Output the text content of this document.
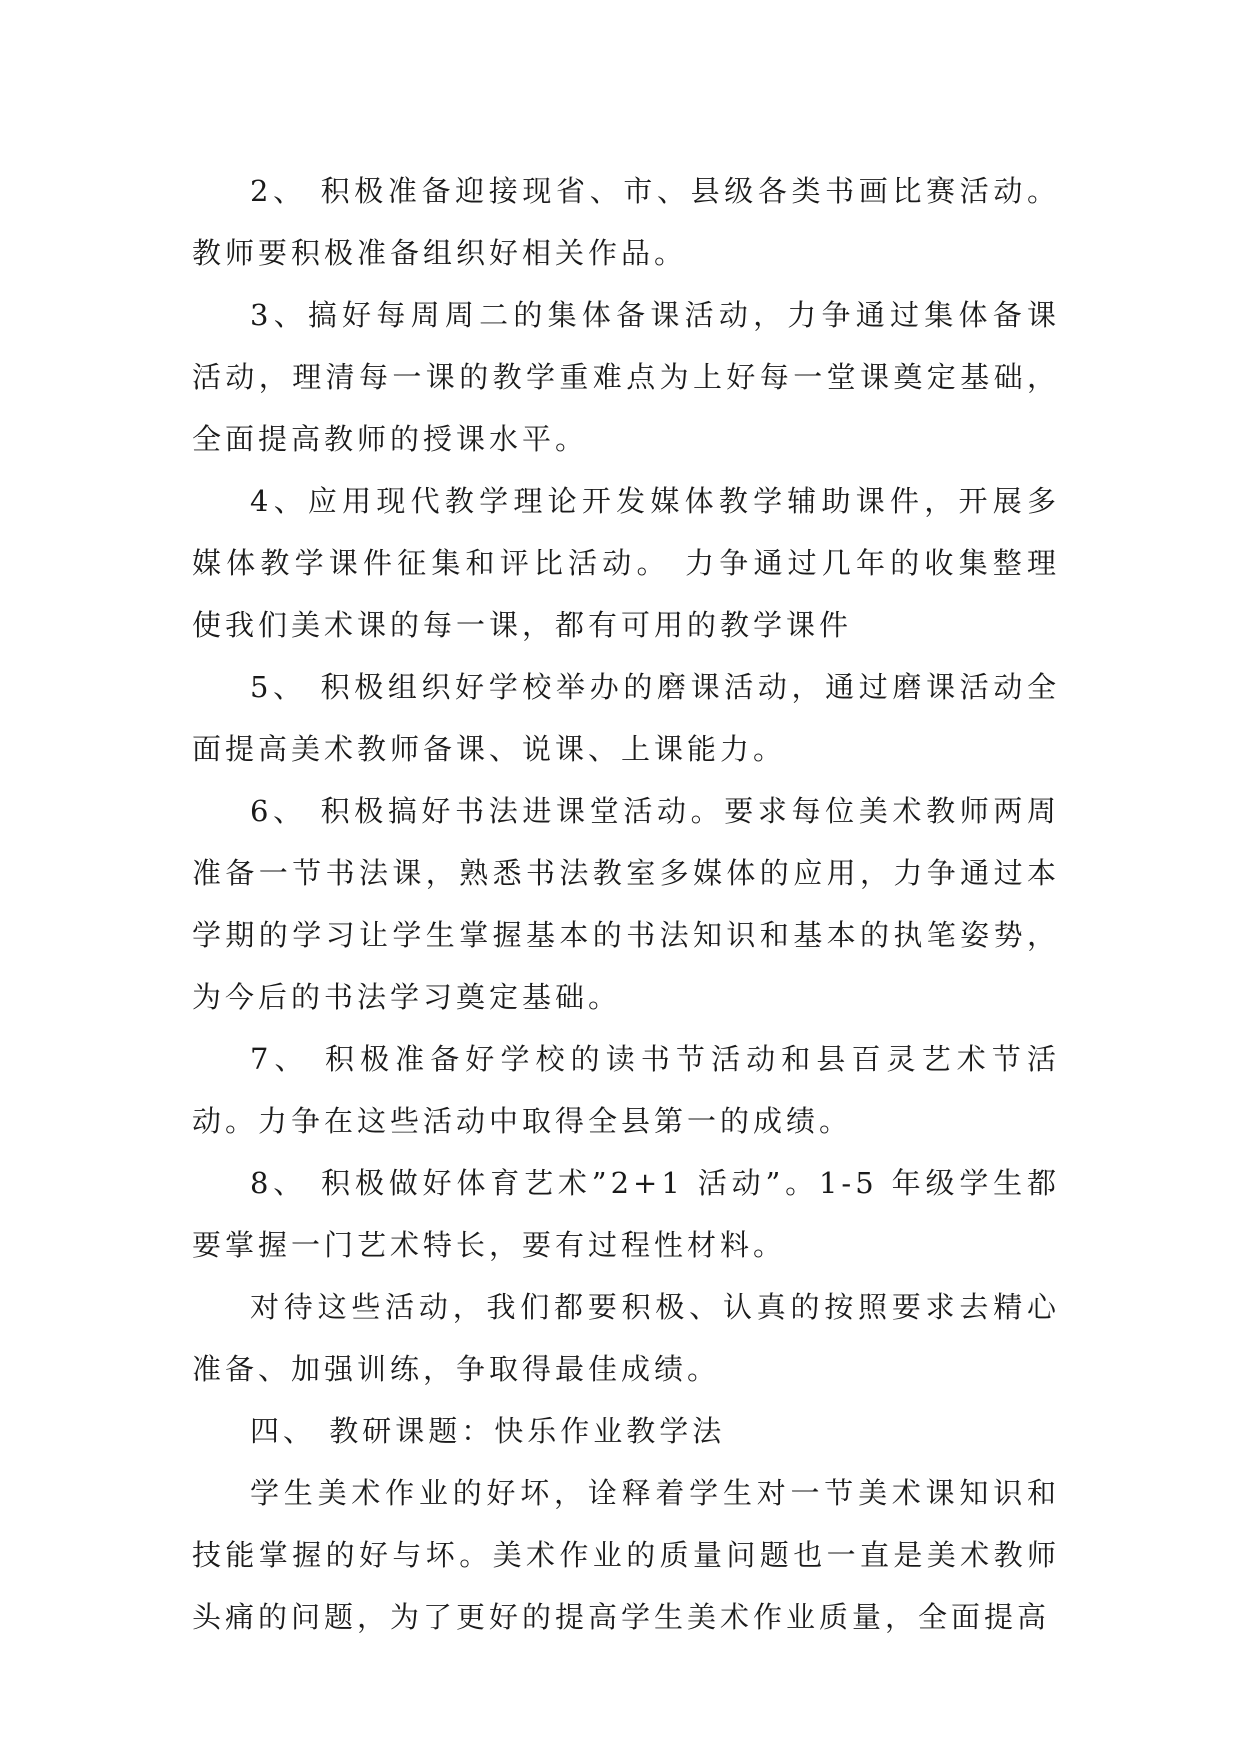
2、 积极准备迎接现省、市、县级各类书画比赛活动。教师要积极准备组织好相关作品。

3、搞好每周周二的集体备课活动，力争通过集体备课活动，理清每一课的教学重难点为上好每一堂课奠定基础，全面提高教师的授课水平。

4、应用现代教学理论开发媒体教学辅助课件，开展多媒体教学课件征集和评比活动。 力争通过几年的收集整理使我们美术课的每一课，都有可用的教学课件

5、 积极组织好学校举办的磨课活动，通过磨课活动全面提高美术教师备课、说课、上课能力。

6、 积极搞好书法进课堂活动。要求每位美术教师两周准备一节书法课，熟悉书法教室多媒体的应用，力争通过本学期的学习让学生掌握基本的书法知识和基本的执笔姿势，为今后的书法学习奠定基础。

7、 积极准备好学校的读书节活动和县百灵艺术节活动。力争在这些活动中取得全县第一的成绩。

8、 积极做好体育艺术”2+1 活动”。1-5 年级学生都要掌握一门艺术特长，要有过程性材料。

对待这些活动，我们都要积极、认真的按照要求去精心准备、加强训练，争取得最佳成绩。

四、 教研课题：快乐作业教学法

学生美术作业的好坏，诠释着学生对一节美术课知识和技能掌握的好与坏。美术作业的质量问题也一直是美术教师头痛的问题，为了更好的提高学生美术作业质量，全面提高
